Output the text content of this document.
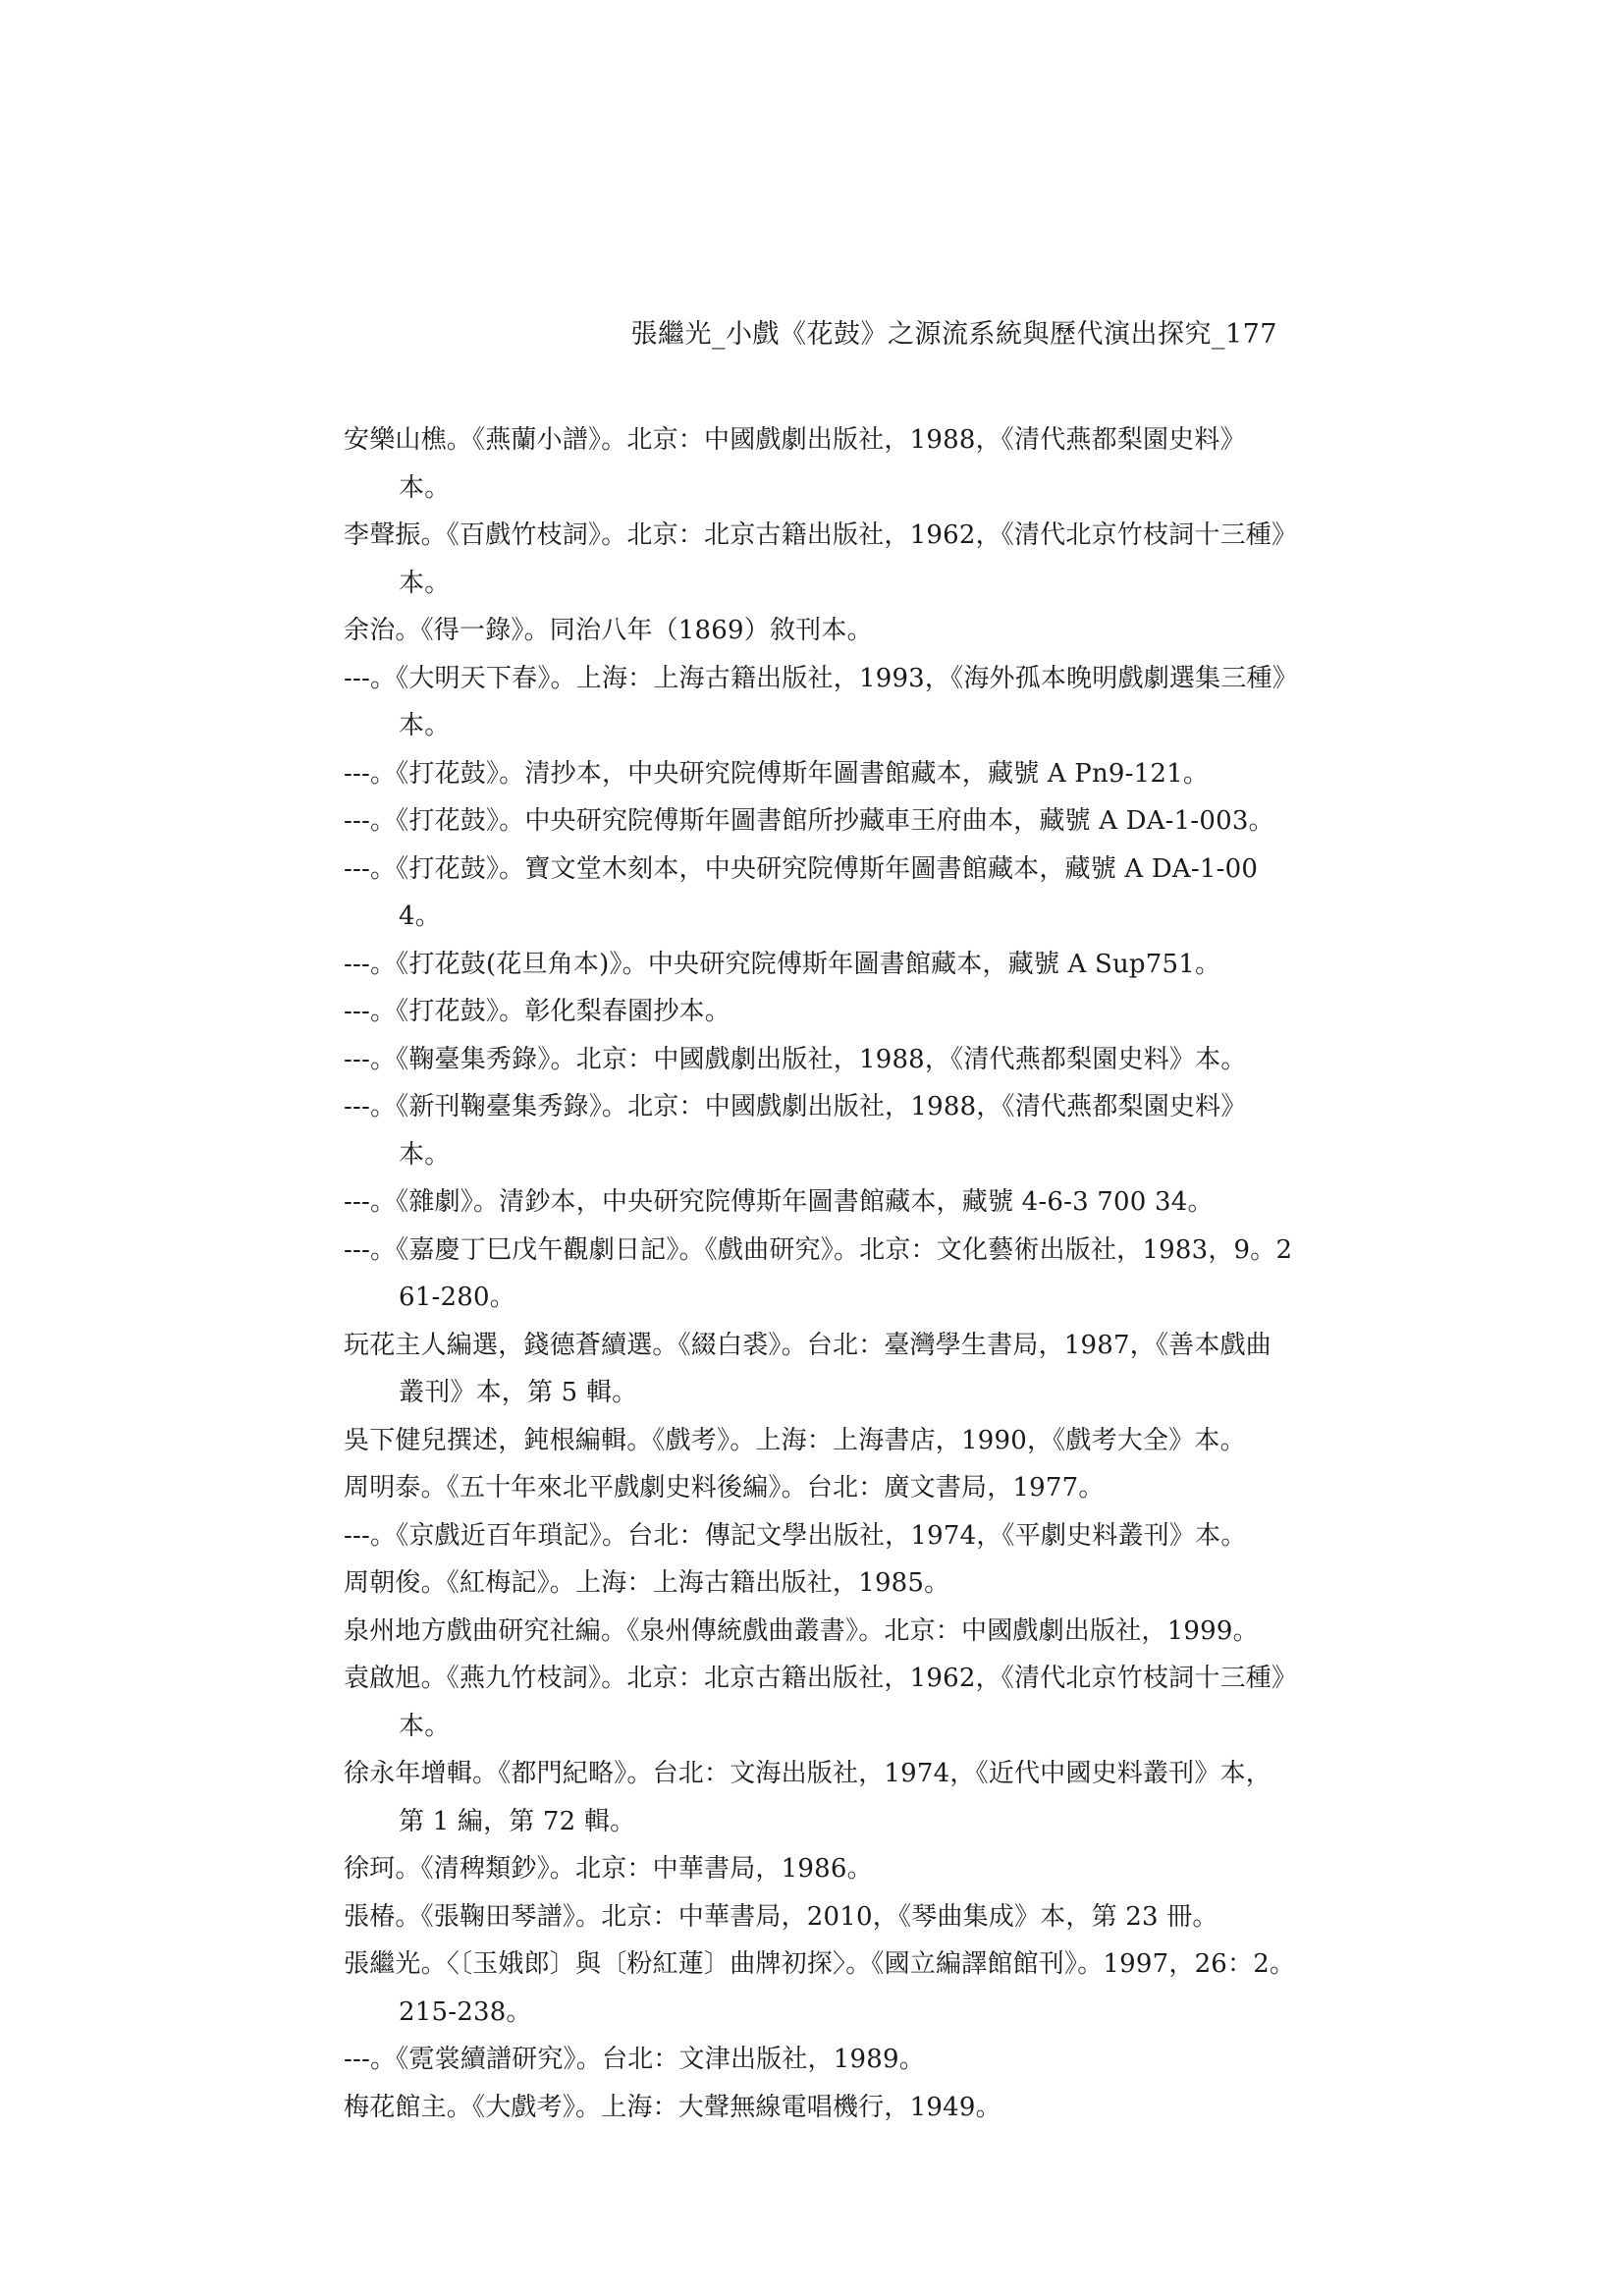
張繼光_小戲《花鼓》之源流系統與歷代演出探究_177
安樂山樵。《燕蘭小譜》。北京：中國戲劇出版社，1988，《清代燕都梨園史料》本。
李聲振。《百戲竹枝詞》。北京：北京古籍出版社，1962，《清代北京竹枝詞十三種》本。
余治。《得一錄》。同治八年（1869）敘刊本。
---。《大明天下春》。上海：上海古籍出版社，1993，《海外孤本晚明戲劇選集三種》本。
---。《打花鼓》。清抄本，中央研究院傅斯年圖書館藏本，藏號 A Pn9-121。
---。《打花鼓》。中央研究院傅斯年圖書館所抄藏車王府曲本，藏號 A DA-1-003。
---。《打花鼓》。寶文堂木刻本，中央研究院傅斯年圖書館藏本，藏號 A DA-1-004。
---。《打花鼓(花旦角本)》。中央研究院傅斯年圖書館藏本，藏號 A Sup751。
---。《打花鼓》。彰化梨春園抄本。
---。《鞠臺集秀錄》。北京：中國戲劇出版社，1988，《清代燕都梨園史料》本。
---。《新刊鞠臺集秀錄》。北京：中國戲劇出版社，1988，《清代燕都梨園史料》本。
---。《雜劇》。清鈔本，中央研究院傅斯年圖書館藏本，藏號 4-6-3 700 34。
---。《嘉慶丁巳戊午觀劇日記》。《戲曲研究》。北京：文化藝術出版社，1983，9。261-280。
玩花主人編選，錢德蒼續選。《綴白裘》。台北：臺灣學生書局，1987，《善本戲曲叢刊》本，第 5 輯。
吳下健兒撰述，鈍根編輯。《戲考》。上海：上海書店，1990，《戲考大全》本。
周明泰。《五十年來北平戲劇史料後編》。台北：廣文書局，1977。
---。《京戲近百年瑣記》。台北：傳記文學出版社，1974，《平劇史料叢刊》本。
周朝俊。《紅梅記》。上海：上海古籍出版社，1985。
泉州地方戲曲研究社編。《泉州傳統戲曲叢書》。北京：中國戲劇出版社，1999。
袁啟旭。《燕九竹枝詞》。北京：北京古籍出版社，1962，《清代北京竹枝詞十三種》本。
徐永年增輯。《都門紀略》。台北：文海出版社，1974，《近代中國史料叢刊》本，第 1 編，第 72 輯。
徐珂。《清稗類鈔》。北京：中華書局，1986。
張椿。《張鞠田琴譜》。北京：中華書局，2010，《琴曲集成》本，第 23 冊。
張繼光。〈〔玉娥郎〕與〔粉紅蓮〕曲牌初探〉。《國立編譯館館刊》。1997，26：2。215-238。
---。《霓裳續譜研究》。台北：文津出版社，1989。
梅花館主。《大戲考》。上海：大聲無線電唱機行，1949。
